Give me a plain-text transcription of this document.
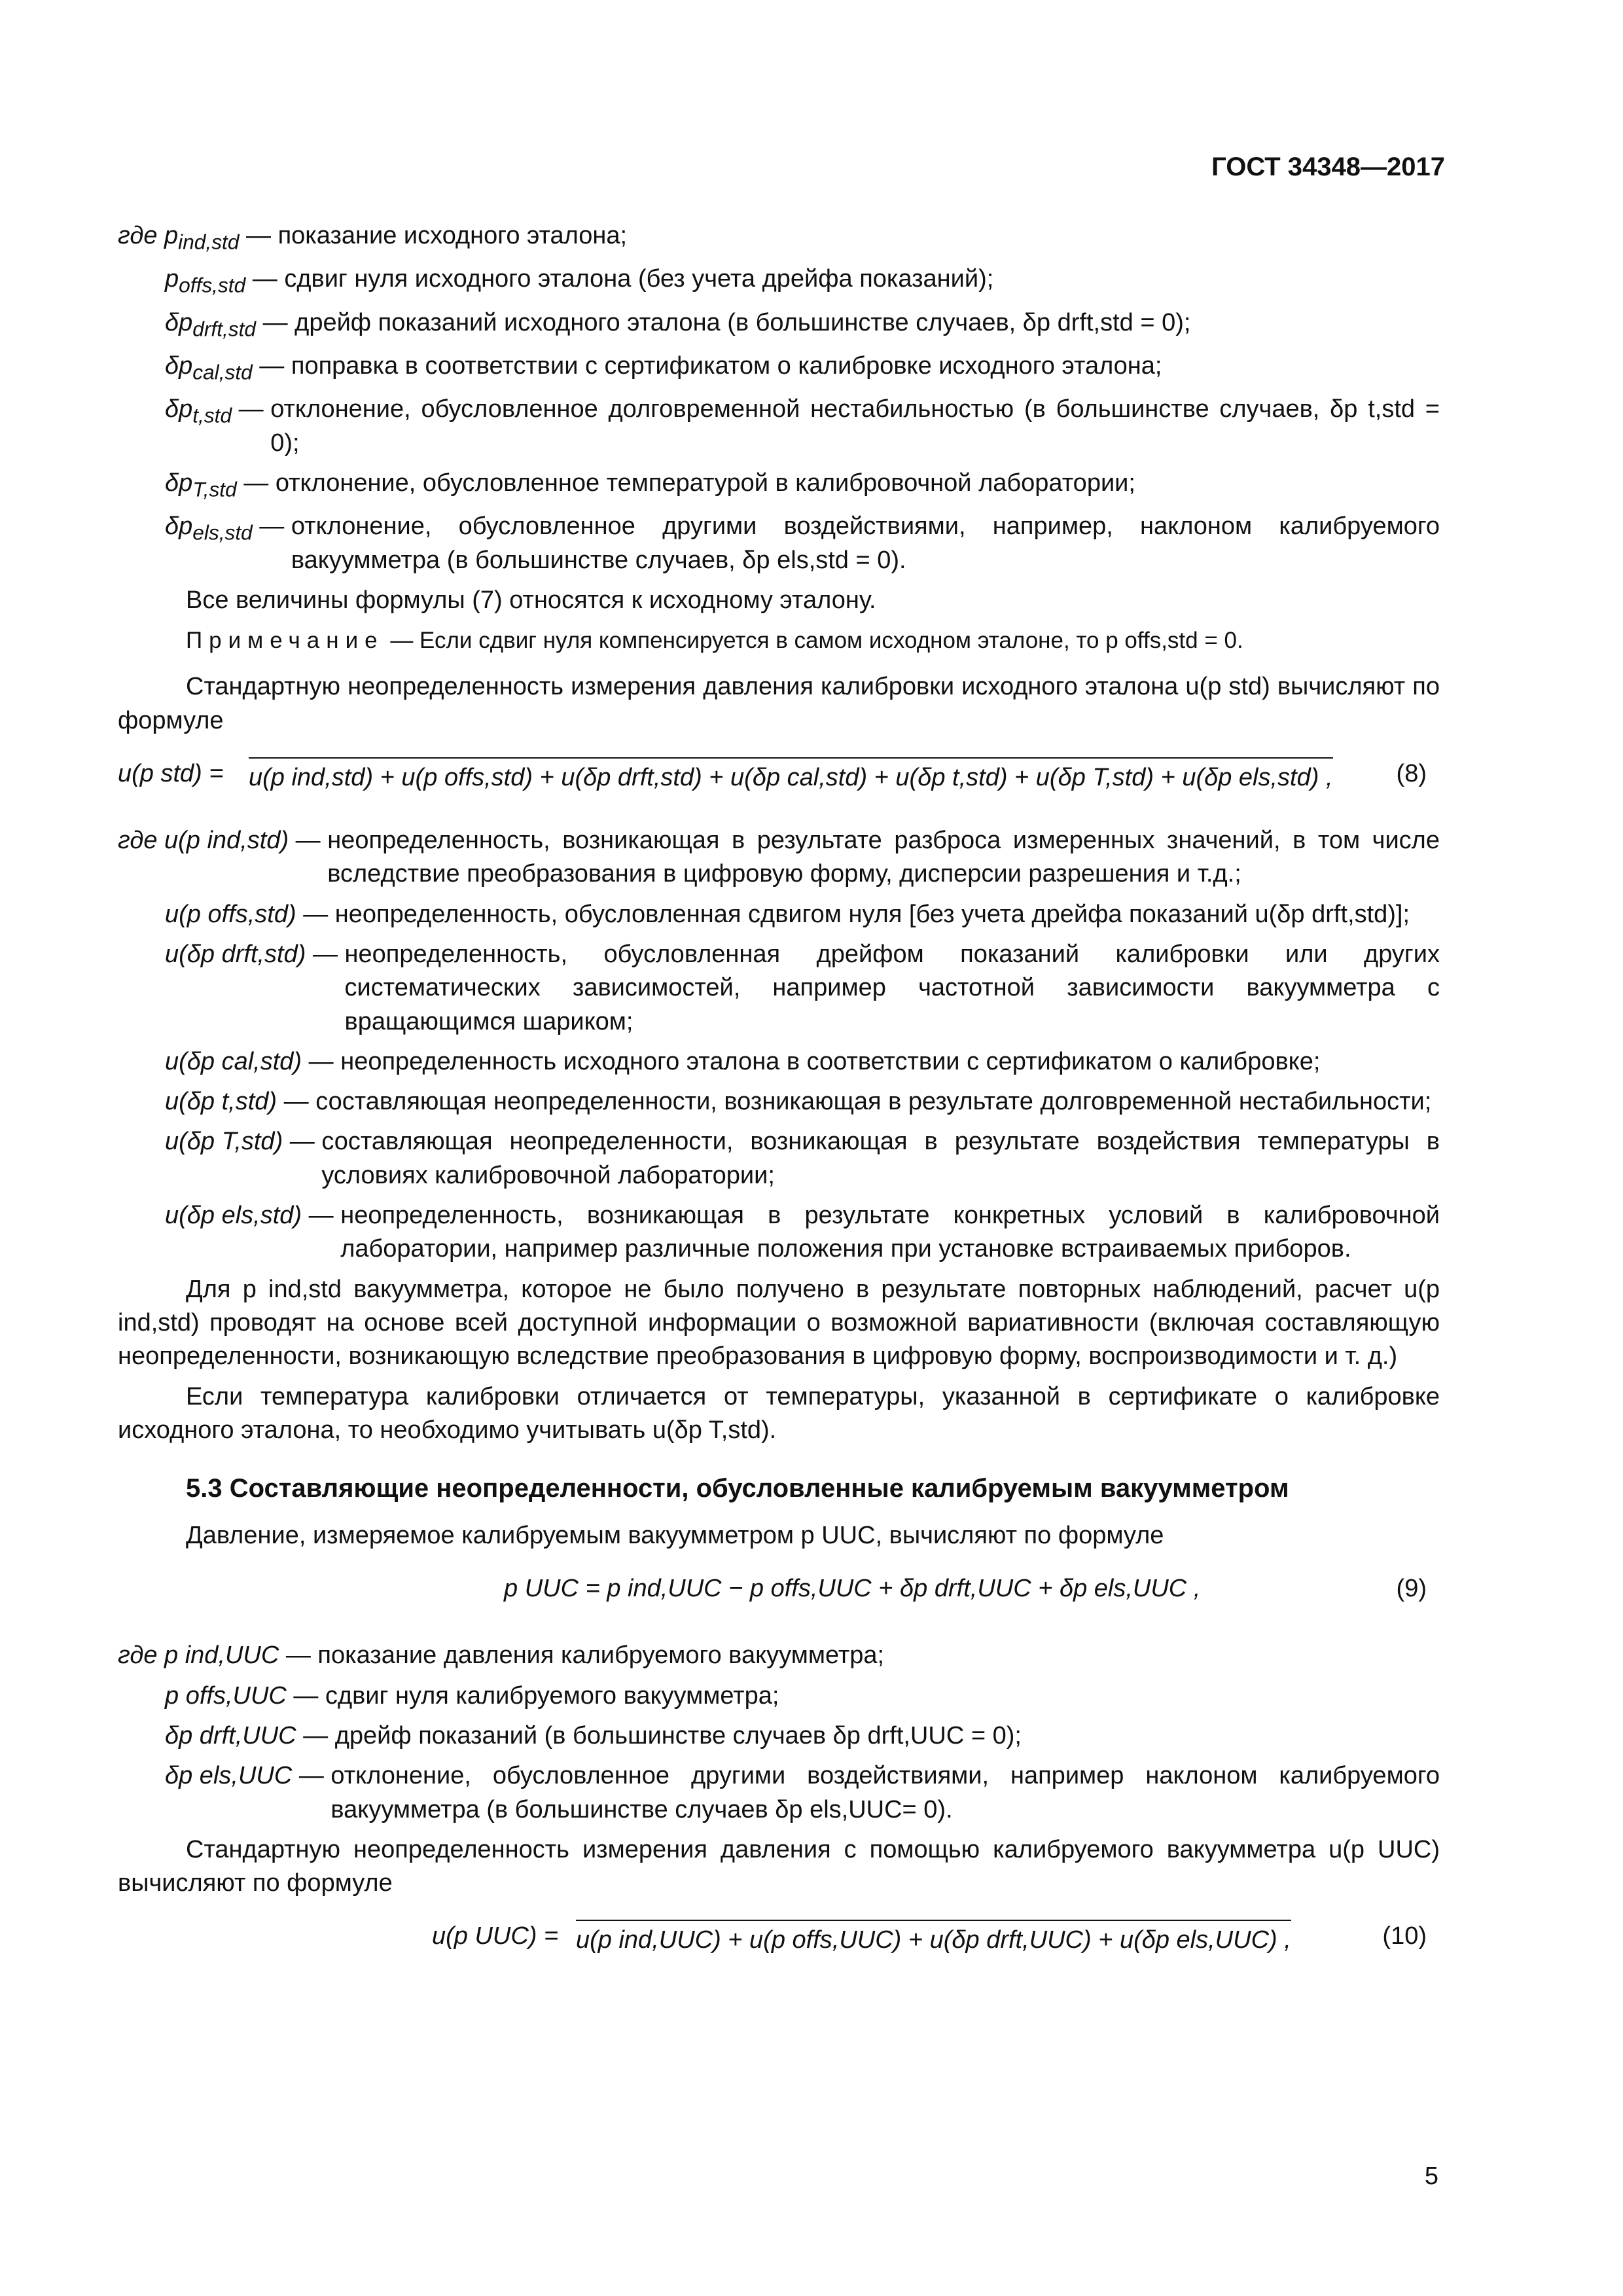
ГОСТ 34348—2017
где $p_{ind,std}$ — показание исходного эталона;
$p_{offs,std}$ — сдвиг нуля исходного эталона (без учета дрейфа показаний);
$\delta p_{drft,std}$ — дрейф показаний исходного эталона (в большинстве случаев, δp drft,std = 0);
$\delta p_{cal,std}$ — поправка в соответствии с сертификатом о калибровке исходного эталона;
$\delta p_{t,std}$ — отклонение, обусловленное долговременной нестабильностью (в большинстве случаев, δp t,std = 0);
$\delta p_{T,std}$ — отклонение, обусловленное температурой в калибровочной лаборатории;
$\delta p_{els,std}$ — отклонение, обусловленное другими воздействиями, например, наклоном калибруемого вакуумметра (в большинстве случаев, δp els,std = 0).

Все величины формулы (7) относятся к исходному эталону.

Примечание — Если сдвиг нуля компенсируется в самом исходном эталоне, то p offs,std = 0.

Стандартную неопределенность измерения давления калибровки исходного эталона u(p std) вычисляют по формуле

u(p std) = u(p ind,std) + u(p offs,std) + u(δp drft,std) + u(δp cal,std) + u(δp t,std) + u(δp T,std) + u(δp els,std) ,	(8)
где u(p ind,std) — неопределенность, возникающая в результате разброса измеренных значений, в том числе вследствие преобразования в цифровую форму, дисперсии разрешения и т.д.;
u(p offs,std) — неопределенность, обусловленная сдвигом нуля [без учета дрейфа показаний u(δp drft,std)];
u(δp drft,std) — неопределенность, обусловленная дрейфом показаний калибровки или других систематических зависимостей, например частотной зависимости вакуумметра с вращающимся шариком;
u(δp cal,std) — неопределенность исходного эталона в соответствии с сертификатом о калибровке;
u(δp t,std) — составляющая неопределенности, возникающая в результате долговременной нестабильности;
u(δp T,std) — составляющая неопределенности, возникающая в результате воздействия температуры в условиях калибровочной лаборатории;
u(δp els,std) — неопределенность, возникающая в результате конкретных условий в калибровочной лаборатории, например различные положения при установке встраиваемых приборов.

Для p ind,std вакуумметра, которое не было получено в результате повторных наблюдений, расчет u(p ind,std) проводят на основе всей доступной информации о возможной вариативности (включая составляющую неопределенности, возникающую вследствие преобразования в цифровую форму, воспроизводимости и т. д.)

Если температура калибровки отличается от температуры, указанной в сертификате о калибровке исходного эталона, то необходимо учитывать u(δp T,std).

5.3 Составляющие неопределенности, обусловленные калибруемым вакуумметром

Давление, измеряемое калибруемым вакуумметром p UUC, вычисляют по формуле

p UUC = p ind,UUC − p offs,UUC + δp drft,UUC + δp els,UUC ,	(9)
где p ind,UUC — показание давления калибруемого вакуумметра;
p offs,UUC — сдвиг нуля калибруемого вакуумметра;
δp drft,UUC — дрейф показаний (в большинстве случаев δp drft,UUC = 0);
δp els,UUC — отклонение, обусловленное другими воздействиями, например наклоном калибруемого вакуумметра (в большинстве случаев δp els,UUC= 0).

Стандартную неопределенность измерения давления с помощью калибруемого вакуумметра u(p UUC) вычисляют по формуле

u(p UUC) = u(p ind,UUC) + u(p offs,UUC) + u(δp drft,UUC) + u(δp els,UUC) ,	(10)
5
